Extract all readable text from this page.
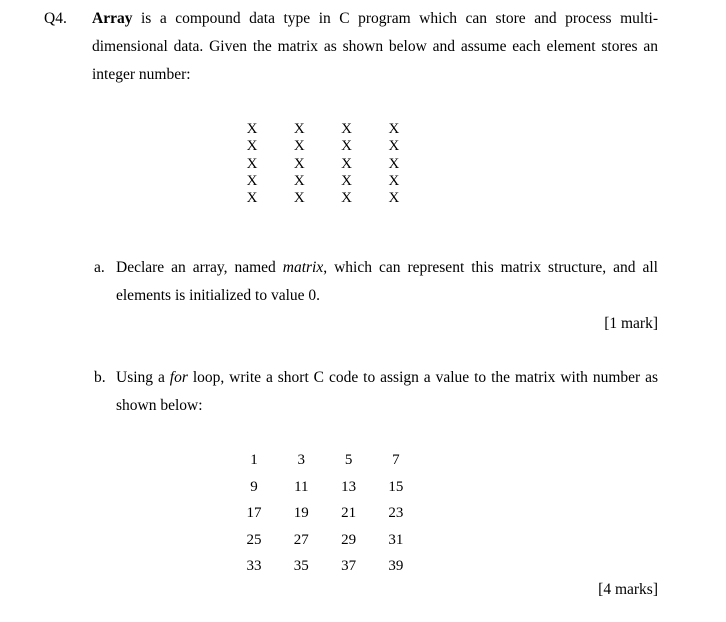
Q4. Array is a compound data type in C program which can store and process multi-
dimensional data. Given the matrix as shown below and assume each element stores an
integer number:
X	X	X	X
X	X	X	X
X	X	X	X
X	X	X	X
X	X	X	X
a. Declare an array, named matrix, which can represent this matrix structure, and all
elements is initialized to value 0.
[1 mark]
b. Using a for loop, write a short C code to assign a value to the matrix with number as
shown below:
1	3	5	7
9	11	13	15
17	19	21	23
25	27	29	31
33	35	37	39
[4 marks]
